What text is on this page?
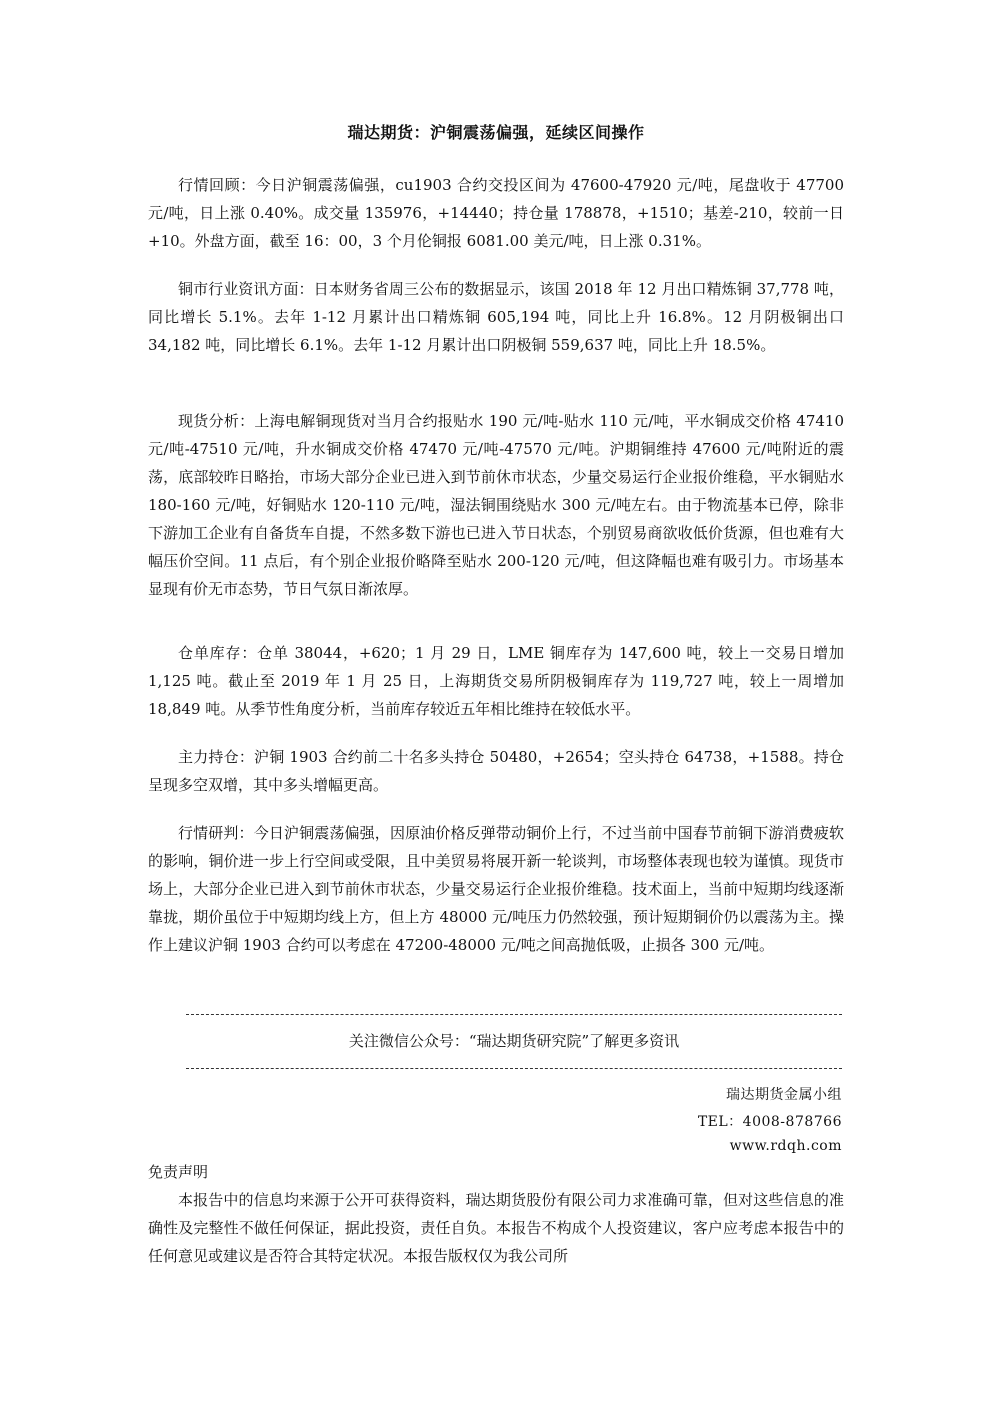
瑞达期货：沪铜震荡偏强，延续区间操作

行情回顾：今日沪铜震荡偏强，cu1903 合约交投区间为 47600-47920 元/吨，尾盘收于 47700 元/吨，日上涨 0.40%。成交量 135976，+14440；持仓量 178878，+1510；基差-210，较前一日+10。外盘方面，截至 16：00，3 个月伦铜报 6081.00 美元/吨，日上涨 0.31%。

铜市行业资讯方面：日本财务省周三公布的数据显示，该国 2018 年 12 月出口精炼铜 37,778 吨，同比增长 5.1%。去年 1-12 月累计出口精炼铜 605,194 吨，同比上升 16.8%。12 月阴极铜出口 34,182 吨，同比增长 6.1%。去年 1-12 月累计出口阴极铜 559,637 吨，同比上升 18.5%。

现货分析：上海电解铜现货对当月合约报贴水 190 元/吨-贴水 110 元/吨，平水铜成交价格 47410 元/吨-47510 元/吨，升水铜成交价格 47470 元/吨-47570 元/吨。沪期铜维持 47600 元/吨附近的震荡，底部较昨日略抬，市场大部分企业已进入到节前休市状态，少量交易运行企业报价维稳，平水铜贴水 180-160 元/吨，好铜贴水 120-110 元/吨，湿法铜围绕贴水 300 元/吨左右。由于物流基本已停，除非下游加工企业有自备货车自提，不然多数下游也已进入节日状态，个别贸易商欲收低价货源，但也难有大幅压价空间。11 点后，有个别企业报价略降至贴水 200-120 元/吨，但这降幅也难有吸引力。市场基本显现有价无市态势，节日气氛日渐浓厚。

仓单库存：仓单 38044，+620；1 月 29 日，LME 铜库存为 147,600 吨，较上一交易日增加 1,125 吨。截止至 2019 年 1 月 25 日，上海期货交易所阴极铜库存为 119,727 吨，较上一周增加 18,849 吨。从季节性角度分析，当前库存较近五年相比维持在较低水平。

主力持仓：沪铜 1903 合约前二十名多头持仓 50480，+2654；空头持仓 64738，+1588。持仓呈现多空双增，其中多头增幅更高。

行情研判：今日沪铜震荡偏强，因原油价格反弹带动铜价上行，不过当前中国春节前铜下游消费疲软的影响，铜价进一步上行空间或受限，且中美贸易将展开新一轮谈判，市场整体表现也较为谨慎。现货市场上，大部分企业已进入到节前休市状态，少量交易运行企业报价维稳。技术面上，当前中短期均线逐渐靠拢，期价虽位于中短期均线上方，但上方 48000 元/吨压力仍然较强，预计短期铜价仍以震荡为主。操作上建议沪铜 1903 合约可以考虑在 47200-48000 元/吨之间高抛低吸，止损各 300 元/吨。

关注微信公众号：“瑞达期货研究院”了解更多资讯
瑞达期货金属小组
TEL：4008-878766
www.rdqh.com
免责声明

本报告中的信息均来源于公开可获得资料，瑞达期货股份有限公司力求准确可靠，但对这些信息的准确性及完整性不做任何保证，据此投资，责任自负。本报告不构成个人投资建议，客户应考虑本报告中的任何意见或建议是否符合其特定状况。本报告版权仅为我公司所
